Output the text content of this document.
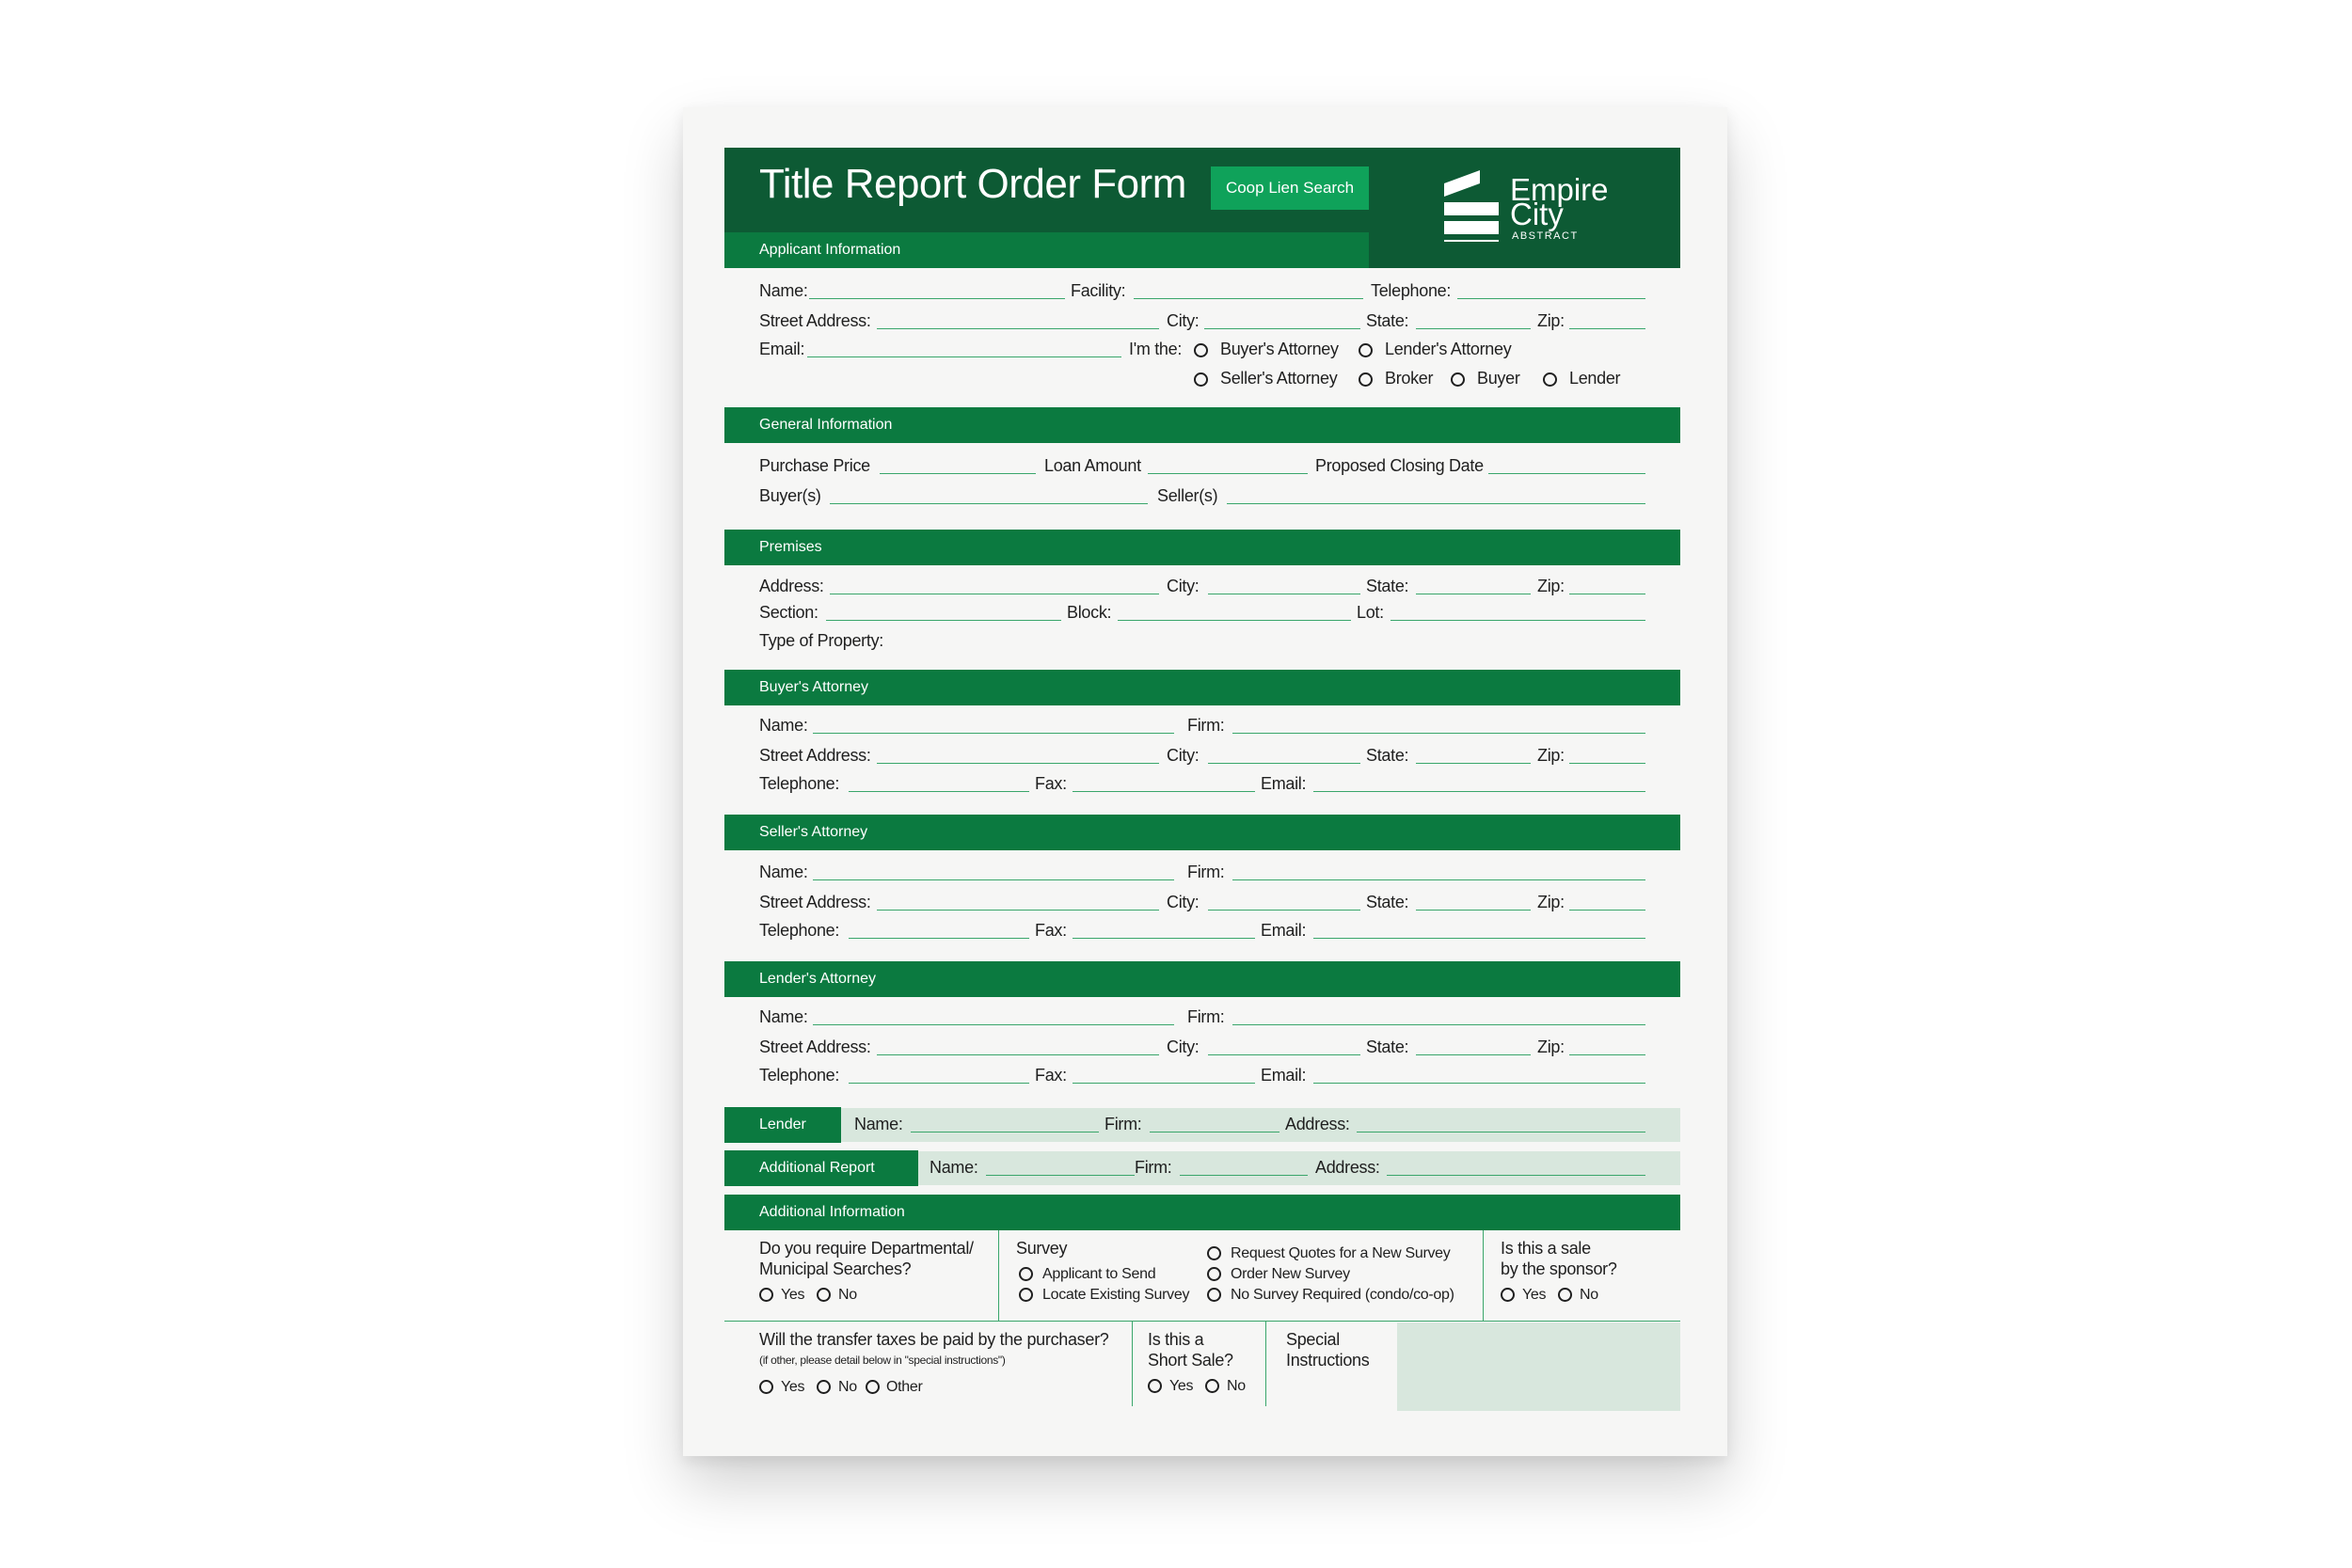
Title Report Order Form	Coop Lien Search	Empire
City
ABSTRACT
Applicant Information
Name:	Facility:	Telephone:
Street Address:	City:	State:	Zip:
Email:	I'm the: Buyer's Attorney	Lender's Attorney
Seller's Attorney	Broker	Buyer	Lender
General Information
Purchase Price	Loan Amount	Proposed Closing Date
Buyer(s)	Seller(s)
Premises
Address:	City:	State:	Zip:
Section:	Block:	Lot:
Type of Property:
Buyer's Attorney
Name:	Firm:
Street Address:	City:	State:	Zip:
Telephone:	Fax:	Email:
Seller's Attorney
Name:	Firm:
Street Address:	City:	State:	Zip:
Telephone:	Fax:	Email:
Lender's Attorney
Name:	Firm:
Street Address:	City:	State:	Zip:
Telephone:	Fax:	Email:
Lender	Name:	Firm:	Address:
Additional Report	Name:	Firm:	Address:
Additional Information
Do you require Departmental/
Municipal Searches?
Yes No
Survey
Applicant to Send
Locate Existing Survey
Request Quotes for a New Survey
Order New Survey
No Survey Required (condo/co-op)
Is this a sale
by the sponsor?
Yes No
Will the transfer taxes be paid by the purchaser?
(if other, please detail below in "special instructions")
Yes No Other
Is this a
Short Sale?
Yes No
Special
Instructions
